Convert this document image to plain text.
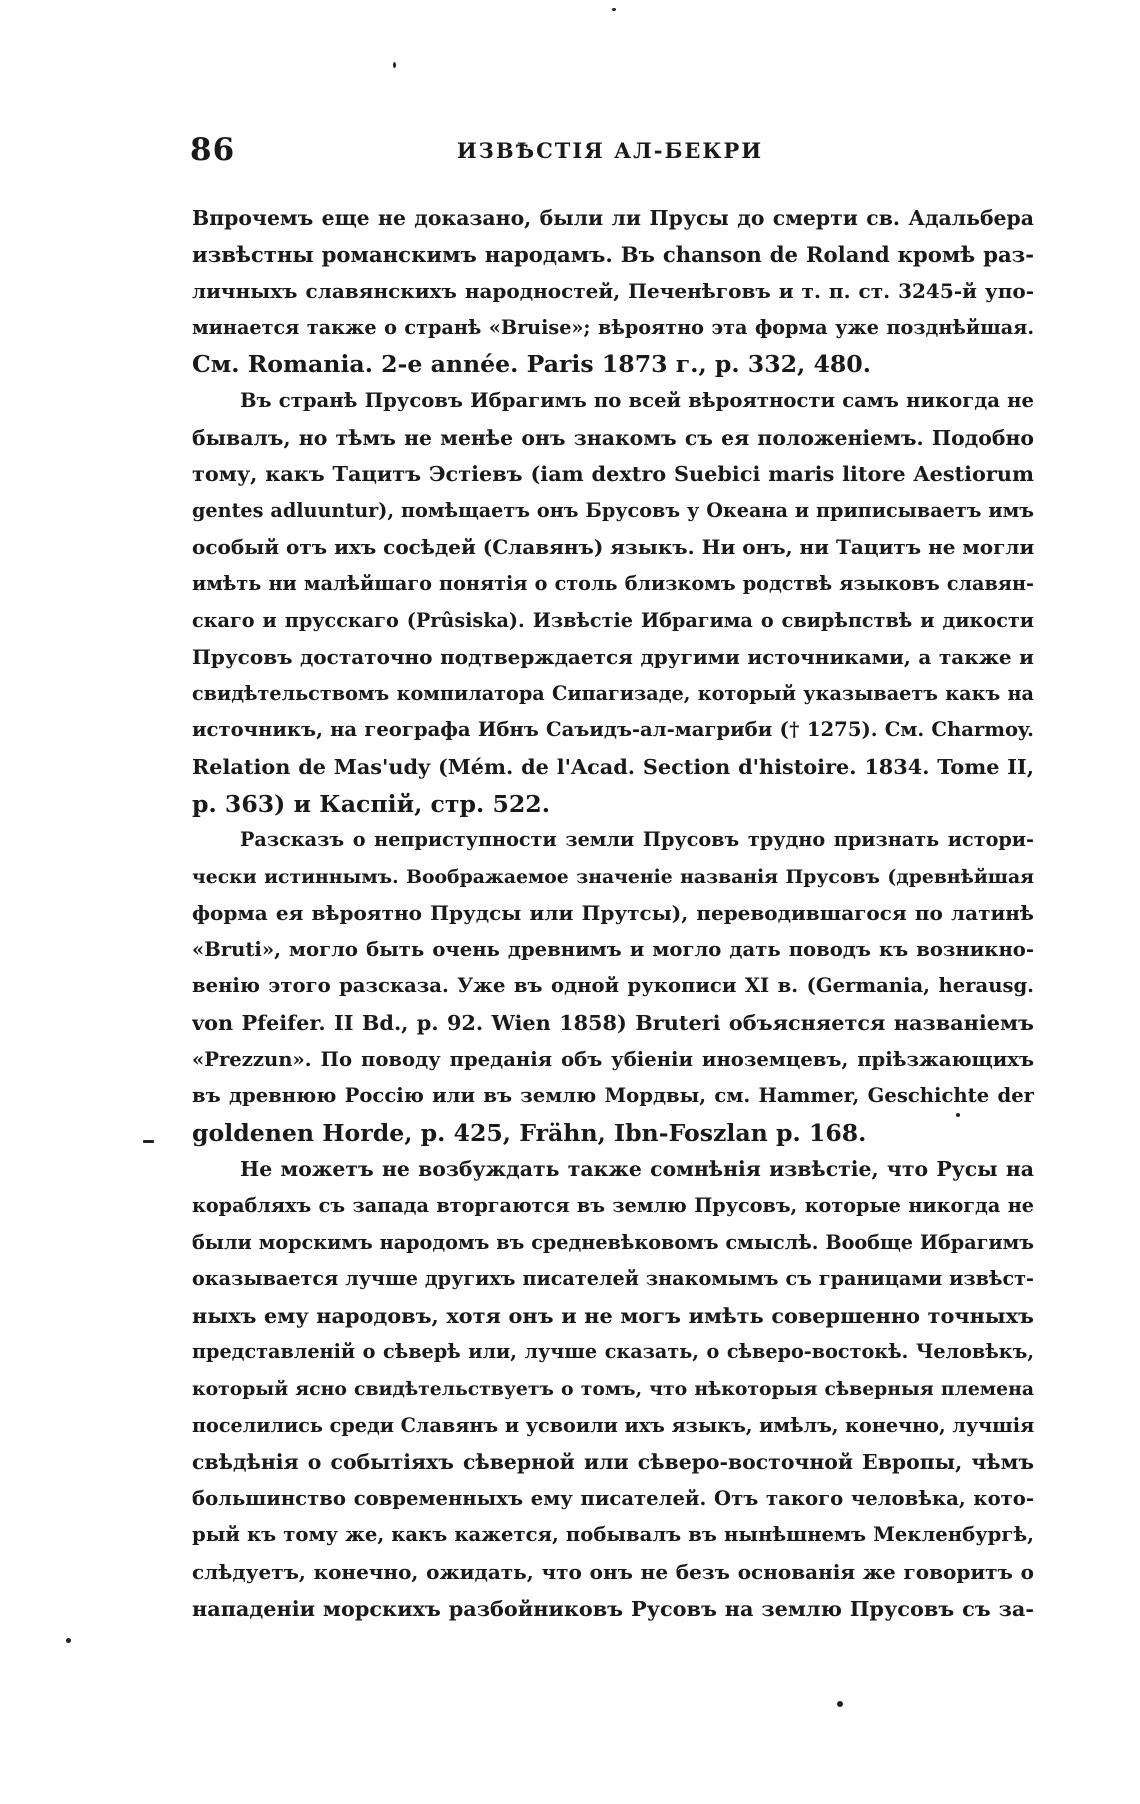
86	ИЗВѢСТІЯ АЛ-БЕКРИ
Впрочемъ еще не доказано, были ли Прусы до смерти св. Адальбера
извѣстны романскимъ народамъ. Въ chanson de Roland кромѣ раз-
личныхъ славянскихъ народностей, Печенѣговъ и т. п. ст. 3245-й упо-
минается также о странѣ «Bruise»; вѣроятно эта форма уже позднѣйшая.
См. Romania. 2-e année. Paris 1873 г., р. 332, 480.
Въ странѣ Прусовъ Ибрагимъ по всей вѣроятности самъ никогда не
бывалъ, но тѣмъ не менѣе онъ знакомъ съ ея положеніемъ. Подобно
тому, какъ Тацитъ Эстіевъ (iam dextro Suebici maris litore Aestiorum
gentes adluuntur), помѣщаетъ онъ Брусовъ у Океана и приписываетъ имъ
особый отъ ихъ сосѣдей (Славянъ) языкъ. Ни онъ, ни Тацитъ не могли
имѣть ни малѣйшаго понятія о столь близкомъ родствѣ языковъ славян-
скаго и прусскаго (Prûsiska). Извѣстіе Ибрагима о свирѣпствѣ и дикости
Прусовъ достаточно подтверждается другими источниками, а также и
свидѣтельствомъ компилатора Сипагизаде, который указываетъ какъ на
источникъ, на географа Ибнъ Саъидъ-ал-магриби († 1275). См. Charmoy.
Relation de Mas'udy (Mém. de l'Acad. Section d'histoire. 1834. Tome II,
р. 363) и Каспій, стр. 522.
Разсказъ о неприступности земли Прусовъ трудно признать истори-
чески истиннымъ. Воображаемое значеніе названія Прусовъ (древнѣйшая
форма ея вѣроятно Прудсы или Прутсы), переводившагося по латинѣ
«Bruti», могло быть очень древнимъ и могло дать поводъ къ возникно-
венію этого разсказа. Уже въ одной рукописи XI в. (Germania, herausg.
von Pfeifer. II Bd., p. 92. Wien 1858) Bruteri объясняется названіемъ
«Prezzun». По поводу преданія объ убіеніи иноземцевъ, пріѣзжающихъ
въ древнюю Россію или въ землю Мордвы, см. Hammer, Geschichte der
goldenen Horde, p. 425, Frähn, Ibn-Foszlan p. 168.
Не можетъ не возбуждать также сомнѣнія извѣстіе, что Русы на
корабляхъ съ запада вторгаются въ землю Прусовъ, которые никогда не
были морскимъ народомъ въ средневѣковомъ смыслѣ. Вообще Ибрагимъ
оказывается лучше другихъ писателей знакомымъ съ границами извѣст-
ныхъ ему народовъ, хотя онъ и не могъ имѣть совершенно точныхъ
представленій о сѣверѣ или, лучше сказать, о сѣверо-востокѣ. Человѣкъ,
который ясно свидѣтельствуетъ о томъ, что нѣкоторыя сѣверныя племена
поселились среди Славянъ и усвоили ихъ языкъ, имѣлъ, конечно, лучшія
свѣдѣнія о событіяхъ сѣверной или сѣверо-восточной Европы, чѣмъ
большинство современныхъ ему писателей. Отъ такого человѣка, кото-
рый къ тому же, какъ кажется, побывалъ въ нынѣшнемъ Мекленбургѣ,
слѣдуетъ, конечно, ожидать, что онъ не безъ основанія же говоритъ о
нападеніи морскихъ разбойниковъ Русовъ на землю Прусовъ съ за-
